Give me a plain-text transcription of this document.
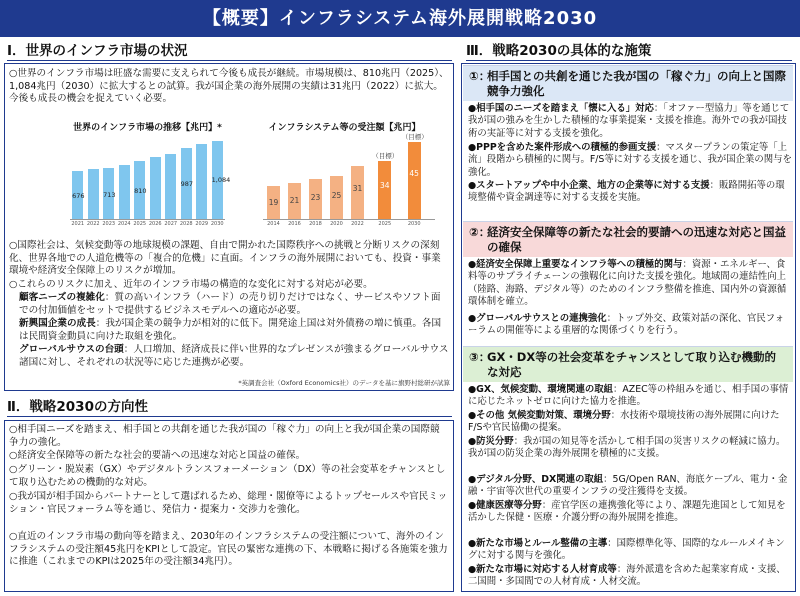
【概要】インフラシステム海外展開戦略2030
Ⅰ．世界のインフラ市場の状況
○世界のインフラ市場は旺盛な需要に支えられて今後も成長が継続。市場規模は、810兆円（2025）、1,084兆円（2030）に拡大するとの試算。我が国企業の海外展開の実績は31兆円（2022）に拡大。今後も成長の機会を捉えていく必要。
世界のインフラ市場の推移【兆円】*
676	713	810
987	1,084
2021 2022 2023 2024 2025 2026 2027 2028 2029 2030
インフラシステム等の受注額【兆円】
19 21 23 25
31 34
（目標）
45
（目標）
2014	2016	2018	2020	2022	2025	2030
○国際社会は、気候変動等の地球規模の課題、自由で開かれた国際秩序への挑戦と分断リスクの深刻化、世界各地での人道危機等の「複合的危機」に直面。インフラの海外展開においても、投資・事業環境や経済安全保障上のリスクが増加。
○これらのリスクに加え、近年のインフラ市場の構造的な変化に対する対応が必要。
顧客ニーズの複雑化：質の高いインフラ（ハード）の売り切りだけではなく、サービスやソフト面での付加価値をセットで提供するビジネスモデルへの適応が必要。
新興国企業の成長：我が国企業の競争力が相対的に低下。開発途上国は対外債務の増に慎重。各国は民間資金動員に向けた取組を強化。
グローバルサウスの台頭：人口増加、経済成長に伴い世界的なプレゼンスが強まるグローバルサウス諸国に対し、それぞれの状況等に応じた連携が必要。
*英調査会社（Oxford Economics社）のデータを基に旗野村総研が試算
Ⅱ．戦略2030の方向性
○相手国ニーズを踏まえ、相手国との共創を通じた我が国の「稼ぐ力」の向上と我が国企業の国際競争力の強化。
○経済安全保障等の新たな社会的要請への迅速な対応と国益の確保。
○グリーン・脱炭素（GX）やデジタルトランスフォーメーション（DX）等の社会変革をチャンスとして取り込むための機動的な対応。
○我が国が相手国からパートナーとして選ばれるため、総理・閣僚等によるトップセールスや官民ミッション・官民フォーラム等を通じ、発信力・提案力・交渉力を強化。
○直近のインフラ市場の動向等を踏まえ、2030年のインフラシステムの受注額について、海外のインフラシステムの受注額45兆円をKPIとして設定。官民の緊密な連携の下、本戦略に掲げる各施策を強力に推進（これまでのKPIは2025年の受注額34兆円）。
Ⅲ．戦略2030の具体的な施策
①：
相手国との共創を通じた我が国の「稼ぐ力」の向上と国際競争力強化
●相手国のニーズを踏まえ「懐に入る」対応：「オファー型協力」等を通じて我が国の強みを生かした積極的な事業提案・支援を推進。海外での我が国技術の実証等に対する支援を強化。
●PPPを含めた案件形成への積極的参画支援：マスタープランの策定等「上流」段階から積極的に関与。F/S等に対する支援を通じ、我が国企業の関与を強化。
●スタートアップや中小企業、地方の企業等に対する支援：販路開拓等の環境整備や資金調達等に対する支援を実施。
②：
経済安全保障等の新たな社会的要請への迅速な対応と国益の確保
●経済安全保障上重要なインフラ等への積極的関与：資源・エネルギー、食料等のサプライチェーンの強靱化に向けた支援を強化。地域間の連結性向上（陸路、海路、デジタル等）のためのインフラ整備を推進、国内外の資源循環体制を確立。
●グローバルサウスとの連携強化：トップ外交、政策対話の深化、官民フォーラムの開催等による重層的な関係づくりを行う。
③：
GX・DX等の社会変革をチャンスとして取り込む機動的な対応
●GX、気候変動、環境関連の取組：AZEC等の枠組みを通じ、相手国の事情に応じたネットゼロに向けた協力を推進。
●その他 気候変動対策、環境分野：水技術や環境技術の海外展開に向けたF/Sや官民協働の提案。
●防災分野：我が国の知見等を活かして相手国の災害リスクの軽減に協力。我が国の防災企業の海外展開を積極的に支援。
●デジタル分野、DX関連の取組：5G/Open RAN、海底ケーブル、電力・金融・宇宙等次世代の重要インフラの受注獲得を支援。
●健康医療等分野：産官学医の連携強化等により、課題先進国として知見を活かした保健・医療・介護分野の海外展開を推進。
●新たな市場とルール整備の主導：国際標準化等、国際的なルールメイキングに対する関与を強化。
●新たな市場に対応する人材育成等：海外派遣を含めた起業家育成・支援、二国間・多国間での人材育成・人材交流。
